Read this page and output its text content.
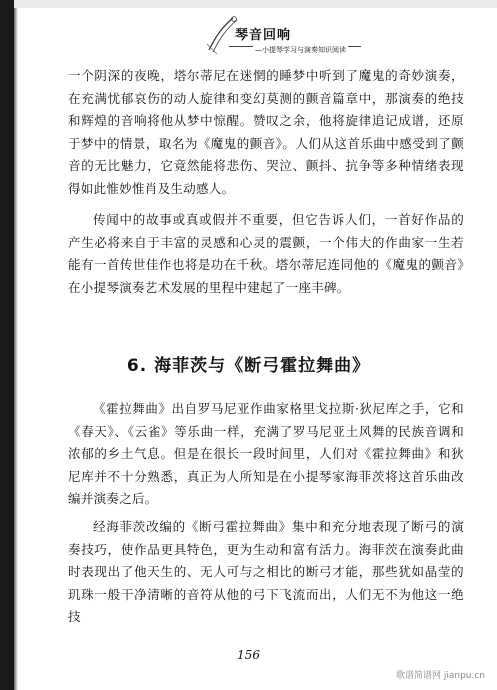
琴音回响
—小提琴学习与演奏知识阅读

一个阴深的夜晚，塔尔蒂尼在迷惘的睡梦中听到了魔鬼的奇妙演奏，在充满忧郁哀伤的动人旋律和变幻莫测的颤音篇章中，那演奏的绝技和辉煌的音响将他从梦中惊醒。赞叹之余，他将旋律追记成谱，还原于梦中的情景，取名为《魔鬼的颤音》。人们从这首乐曲中感受到了颤音的无比魅力，它竟然能将悲伤、哭泣、颤抖、抗争等多种情绪表现得如此惟妙惟肖及生动感人。

传闻中的故事或真或假并不重要，但它告诉人们，一首好作品的产生必将来自于丰富的灵感和心灵的震颤，一个伟大的作曲家一生若能有一首传世佳作也将是功在千秋。塔尔蒂尼连同他的《魔鬼的颤音》在小提琴演奏艺术发展的里程中建起了一座丰碑。

6. 海菲茨与《断弓霍拉舞曲》

《霍拉舞曲》出自罗马尼亚作曲家格里戈拉斯·狄尼库之手，它和《春天》、《云雀》等乐曲一样，充满了罗马尼亚土风舞的民族音调和浓郁的乡土气息。但是在很长一段时间里，人们对《霍拉舞曲》和狄尼库并不十分熟悉，真正为人所知是在小提琴家海菲茨将这首乐曲改编并演奏之后。

经海菲茨改编的《断弓霍拉舞曲》集中和充分地表现了断弓的演奏技巧，使作品更具特色，更为生动和富有活力。海菲茨在演奏此曲时表现出了他天生的、无人可与之相比的断弓才能，那些犹如晶莹的玑珠一般干净清晰的音符从他的弓下飞流而出，人们无不为他这一绝技

156
歌谱简谱网 jianpu.cn
